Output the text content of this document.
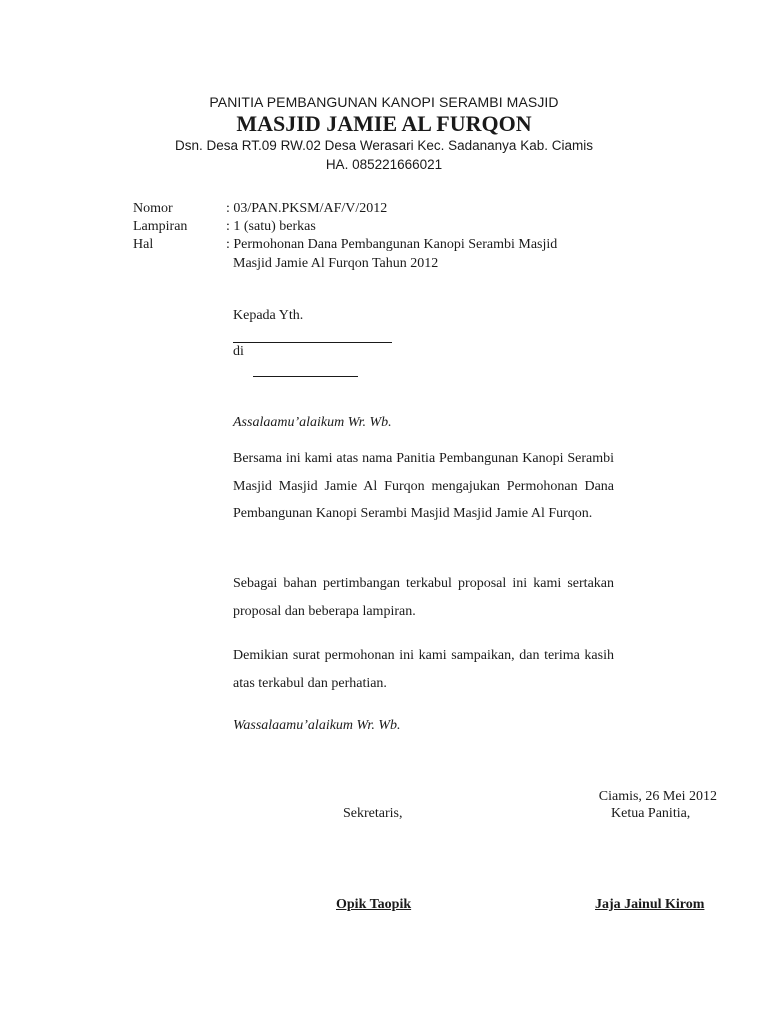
PANITIA PEMBANGUNAN KANOPI SERAMBI MASJID
MASJID JAMIE AL FURQON
Dsn. Desa RT.09 RW.02 Desa Werasari Kec. Sadananya Kab. Ciamis
HA. 085221666021
Nomor	: 03/PAN.PKSM/AF/V/2012
Lampiran	: 1 (satu) berkas
Hal	: Permohonan Dana Pembangunan Kanopi Serambi Masjid
Masjid Jamie Al Furqon Tahun 2012
Kepada Yth.
di
Assalaamu’alaikum Wr. Wb.
Bersama ini kami atas nama Panitia Pembangunan Kanopi Serambi Masjid Masjid Jamie Al Furqon mengajukan Permohonan Dana Pembangunan Kanopi Serambi Masjid Masjid Jamie Al Furqon.
Sebagai bahan pertimbangan terkabul proposal ini kami sertakan proposal dan beberapa lampiran.
Demikian surat permohonan ini kami sampaikan, dan terima kasih atas terkabul dan perhatian.
Wassalaamu’alaikum Wr. Wb.
Ciamis, 26 Mei 2012
Sekretaris,	Ketua Panitia,
Opik Taopik	Jaja Jainul Kirom
